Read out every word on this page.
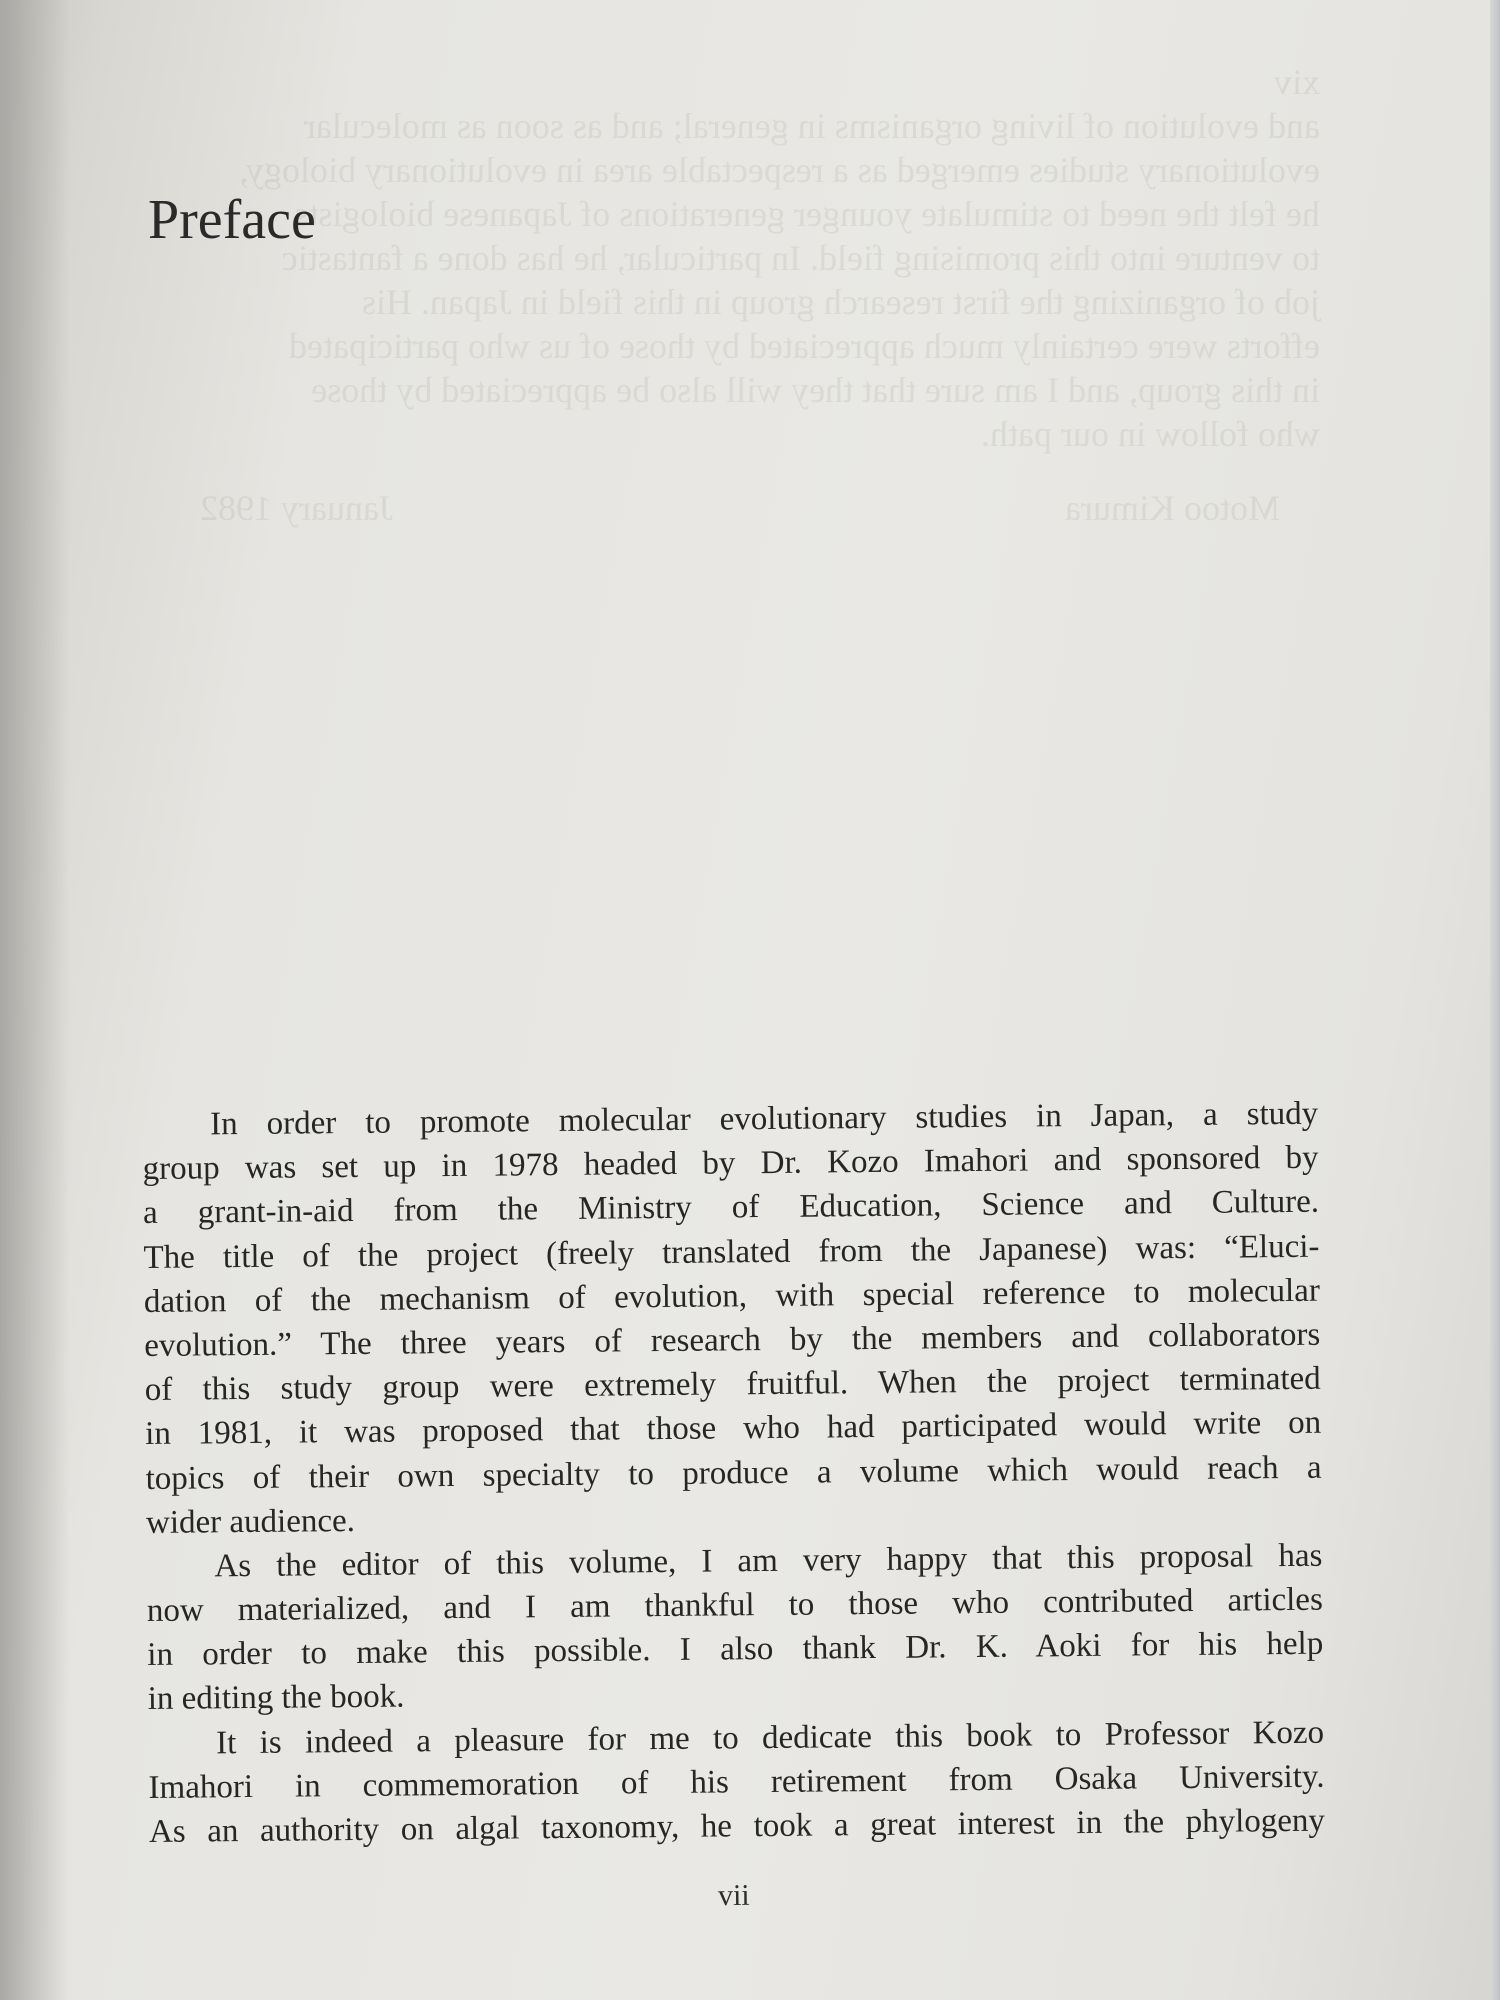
xiv
and evolution of living organisms in general; and as soon as molecular
evolutionary studies emerged as a respectable area in evolutionary biology,
he felt the need to stimulate younger generations of Japanese biologists
to venture into this promising field. In particular, he has done a fantastic
job of organizing the first research group in this field in Japan. His
efforts were certainly much appreciated by those of us who participated
in this group, and I am sure that they will also be appreciated by those
who follow in our path.
January 1982	Motoo Kimura
Preface
In order to promote molecular evolutionary studies in Japan, a study
group was set up in 1978 headed by Dr. Kozo Imahori and sponsored by
a grant-in-aid from the Ministry of Education, Science and Culture.
The title of the project (freely translated from the Japanese) was: “Eluci-
dation of the mechanism of evolution, with special reference to molecular
evolution.” The three years of research by the members and collaborators
of this study group were extremely fruitful. When the project terminated
in 1981, it was proposed that those who had participated would write on
topics of their own specialty to produce a volume which would reach a
wider audience.
As the editor of this volume, I am very happy that this proposal has
now materialized, and I am thankful to those who contributed articles
in order to make this possible. I also thank Dr. K. Aoki for his help
in editing the book.
It is indeed a pleasure for me to dedicate this book to Professor Kozo
Imahori in commemoration of his retirement from Osaka University.
As an authority on algal taxonomy, he took a great interest in the phylogeny
vii
